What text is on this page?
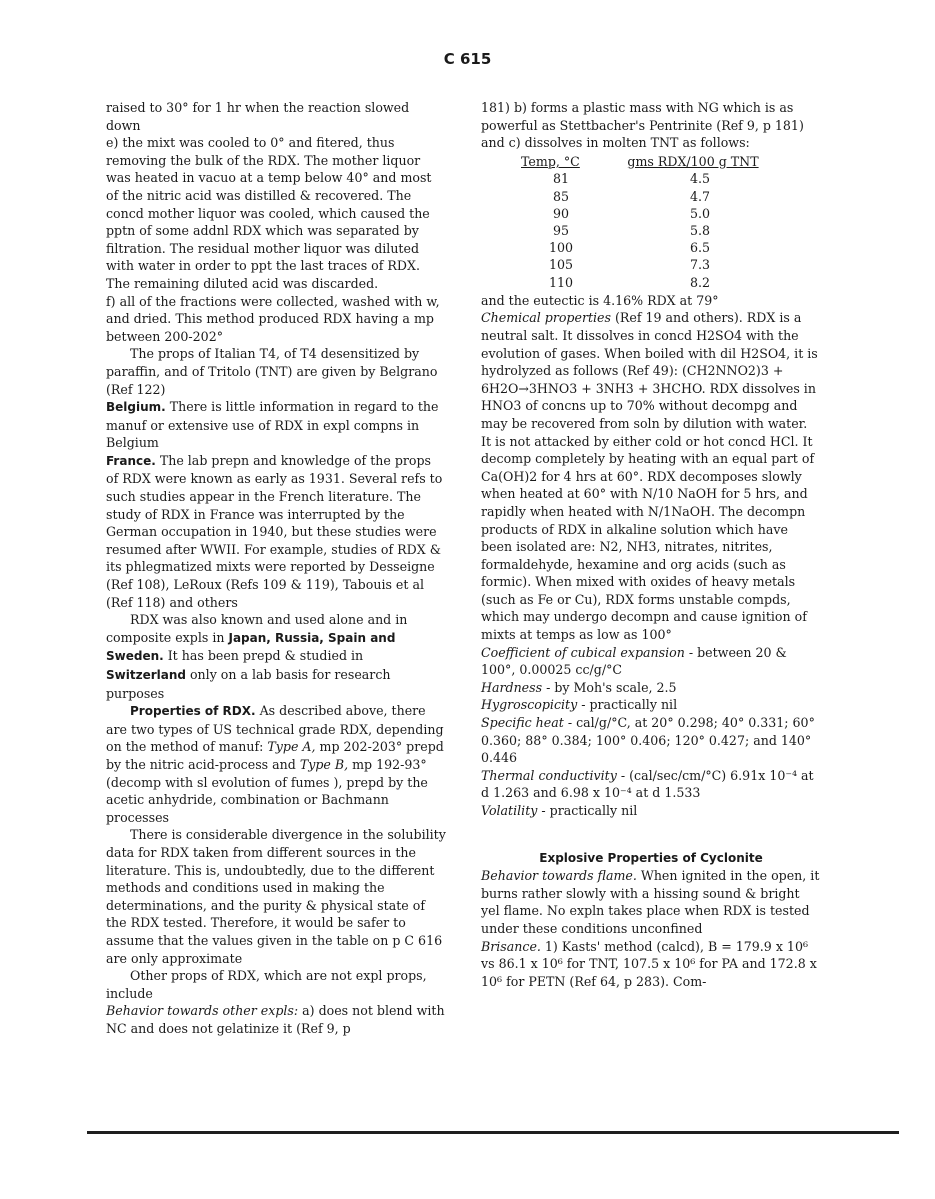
C 615

raised to 30° for 1 hr when the reaction slowed down

e) the mixt was cooled to 0° and fitered, thus removing the bulk of the RDX. The mother liquor was heated in vacuo at a temp below 40° and most of the nitric acid was distilled & recovered. The concd mother liquor was cooled, which caused the pptn of some addnl RDX which was separated by filtration. The residual mother liquor was diluted with water in order to ppt the last traces of RDX. The remaining diluted acid was discarded.

f) all of the fractions were collected, washed with w, and dried. This method produced RDX having a mp between 200-202°

The props of Italian T4, of T4 desensitized by paraffin, and of Tritolo (TNT) are given by Belgrano (Ref 122)

Belgium. There is little information in regard to the manuf or extensive use of RDX in expl compns in Belgium

France. The lab prepn and knowledge of the props of RDX were known as early as 1931. Several refs to such studies appear in the French literature. The study of RDX in France was interrupted by the German occupation in 1940, but these studies were resumed after WWII. For example, studies of RDX & its phlegmatized mixts were reported by Desseigne (Ref 108), LeRoux (Refs 109 & 119), Tabouis et al (Ref 118) and others

RDX was also known and used alone and in composite expls in Japan, Russia, Spain and Sweden. It has been prepd & studied in Switzerland only on a lab basis for research purposes

Properties of RDX. As described above, there are two types of US technical grade RDX, depending on the method of manuf: Type A, mp 202-203° prepd by the nitric acid-process and Type B, mp 192-93° (decomp with sl evolution of fumes ), prepd by the acetic anhydride, combination or Bachmann processes

There is considerable divergence in the solubility data for RDX taken from different sources in the literature. This is, undoubtedly, due to the different methods and conditions used in making the determinations, and the purity & physical state of the RDX tested. Therefore, it would be safer to assume that the values given in the table on p C 616 are only approximate

Other props of RDX, which are not expl props, include

Behavior towards other expls: a) does not blend with NC and does not gelatinize it (Ref 9, p

181) b) forms a plastic mass with NG which is as powerful as Stettbacher's Pentrinite (Ref 9, p 181) and c) dissolves in molten TNT as follows:

Temp, °C	gms RDX/100 g TNT
81	4.5
85	4.7
90	5.0
95	5.8
100	6.5
105	7.3
110	8.2

and the eutectic is 4.16% RDX at 79°

Chemical properties (Ref 19 and others). RDX is a neutral salt. It dissolves in concd H2SO4 with the evolution of gases. When boiled with dil H2SO4, it is hydrolyzed as follows (Ref 49): (CH2NNO2)3 + 6H2O→3HNO3 + 3NH3 + 3HCHO. RDX dissolves in HNO3 of concns up to 70% without decompg and may be recovered from soln by dilution with water. It is not attacked by either cold or hot concd HCl. It decomp completely by heating with an equal part of Ca(OH)2 for 4 hrs at 60°. RDX decomposes slowly when heated at 60° with N/10 NaOH for 5 hrs, and rapidly when heated with N/1NaOH. The decompn products of RDX in alkaline solution which have been isolated are: N2, NH3, nitrates, nitrites, formaldehyde, hexamine and org acids (such as formic). When mixed with oxides of heavy metals (such as Fe or Cu), RDX forms unstable compds, which may undergo decompn and cause ignition of mixts at temps as low as 100°

Coefficient of cubical expansion - between 20 & 100°, 0.00025 cc/g/°C

Hardness - by Moh's scale, 2.5

Hygroscopicity - practically nil

Specific heat - cal/g/°C, at 20° 0.298; 40° 0.331; 60° 0.360; 88° 0.384; 100° 0.406; 120° 0.427; and 140° 0.446

Thermal conductivity - (cal/sec/cm/°C) 6.91x 10⁻⁴ at d 1.263 and 6.98 x 10⁻⁴ at d 1.533

Volatility - practically nil

Explosive Properties of Cyclonite

Behavior towards flame. When ignited in the open, it burns rather slowly with a hissing sound & bright yel flame. No expln takes place when RDX is tested under these conditions unconfined

Brisance. 1) Kasts' method (calcd), B = 179.9 x 10⁶ vs 86.1 x 10⁶ for TNT, 107.5 x 10⁶ for PA and 172.8 x 10⁶ for PETN (Ref 64, p 283). Com-
